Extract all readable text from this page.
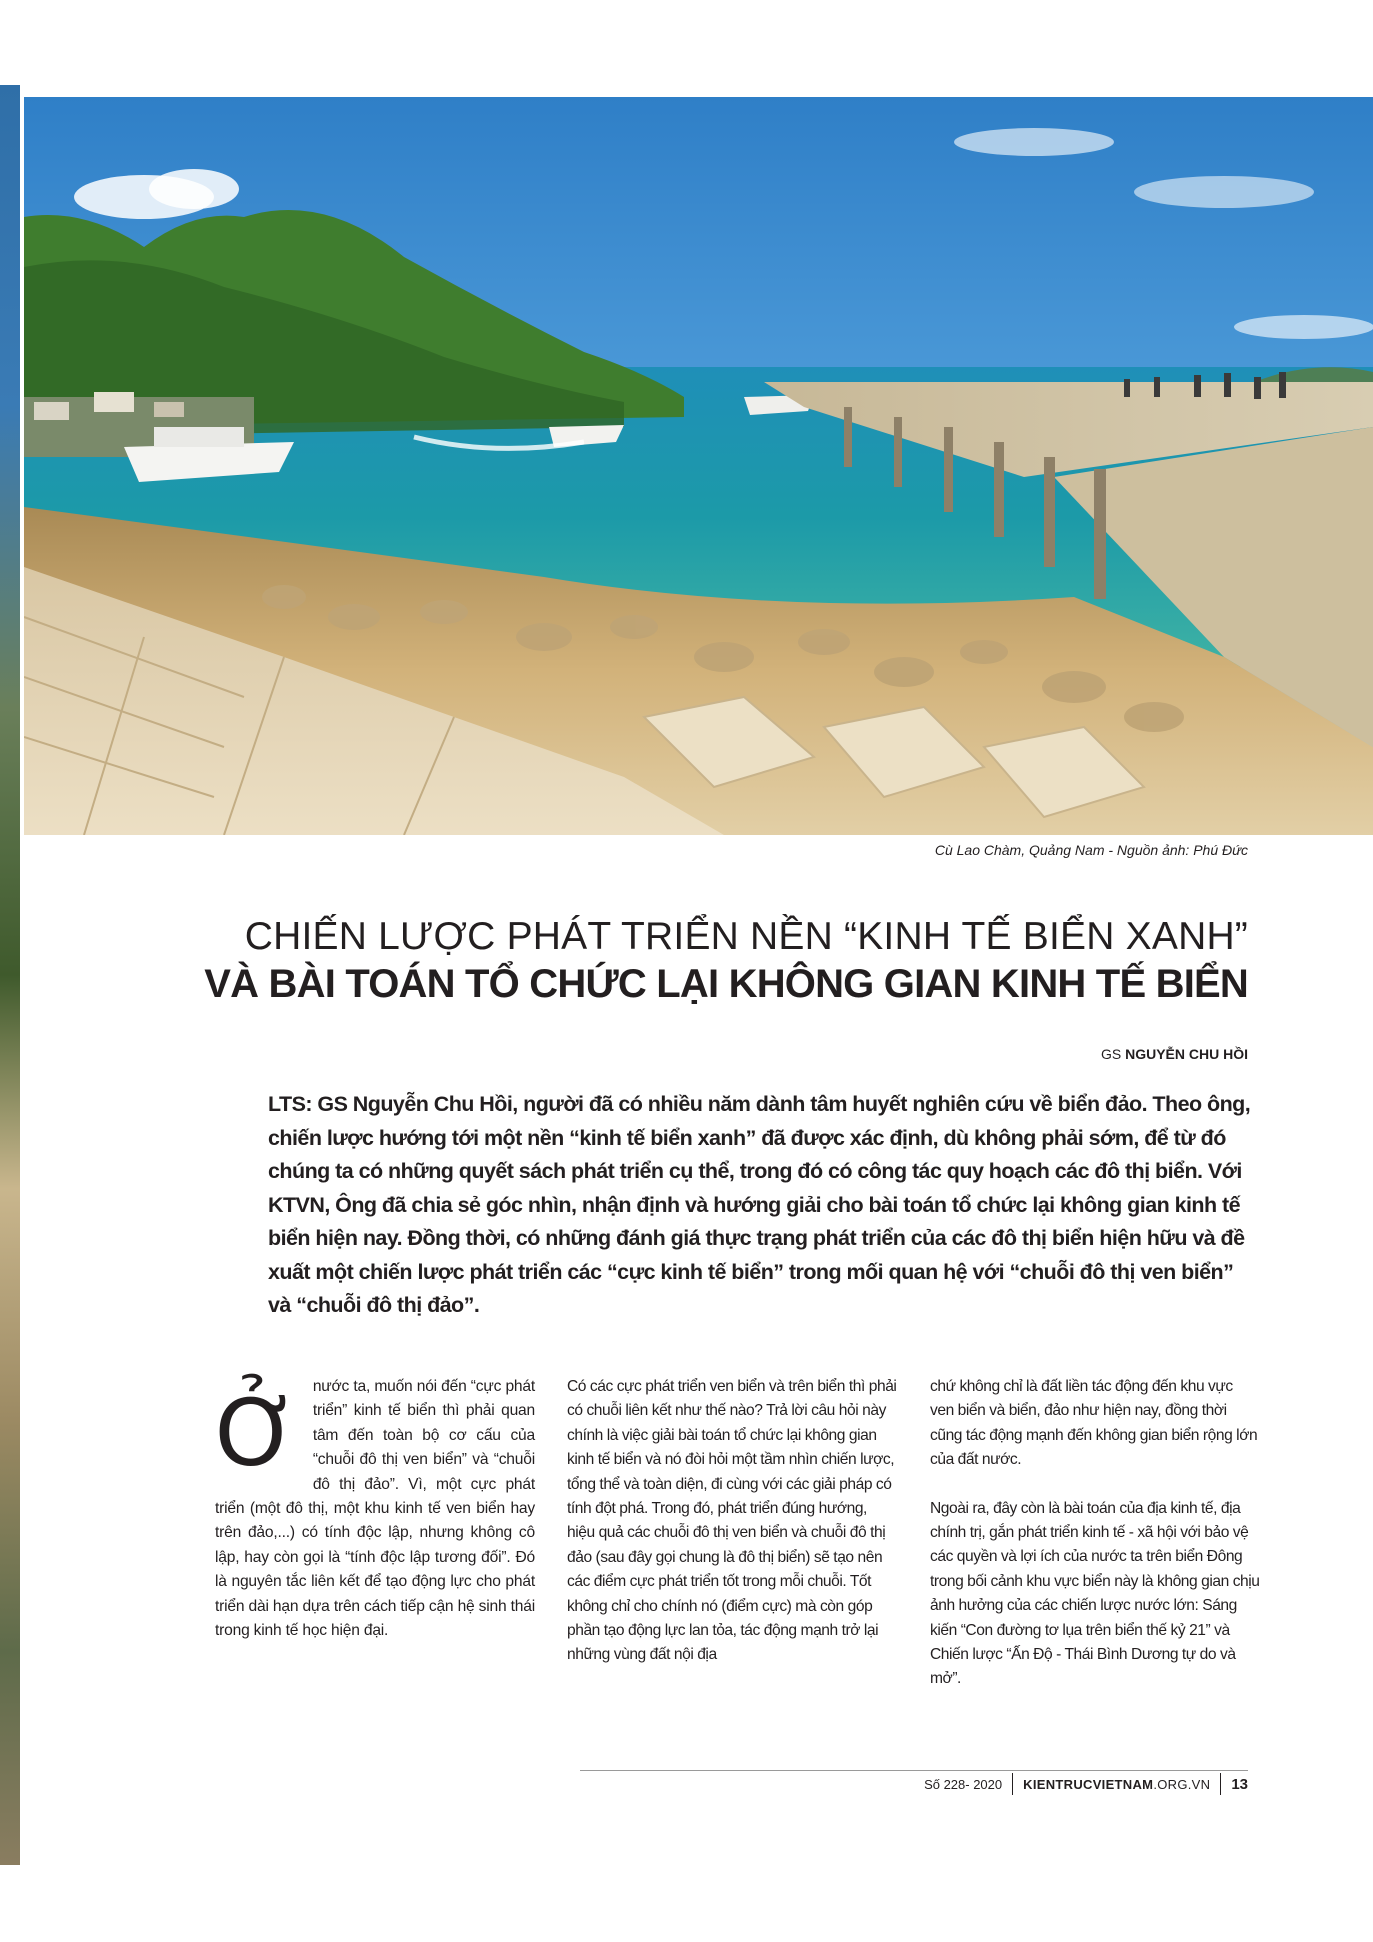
Cù Lao Chàm, Quảng Nam - Nguồn ảnh: Phú Đức
CHIẾN LƯỢC PHÁT TRIỂN NỀN “KINH TẾ BIỂN XANH”
VÀ BÀI TOÁN TỔ CHỨC LẠI KHÔNG GIAN KINH TẾ BIỂN
GS NGUYỄN CHU HỒI

LTS: GS Nguyễn Chu Hồi, người đã có nhiều năm dành tâm huyết nghiên cứu về biển đảo. Theo ông, chiến lược hướng tới một nền “kinh tế biển xanh” đã được xác định, dù không phải sớm, để từ đó chúng ta có những quyết sách phát triển cụ thể, trong đó có công tác quy hoạch các đô thị biển. Với KTVN, Ông đã chia sẻ góc nhìn, nhận định và hướng giải cho bài toán tổ chức lại không gian kinh tế biển hiện nay. Đồng thời, có những đánh giá thực trạng phát triển của các đô thị biển hiện hữu và đề xuất một chiến lược phát triển các “cực kinh tế biển” trong mối quan hệ với “chuỗi đô thị ven biển” và “chuỗi đô thị đảo”.

Ở nước ta, muốn nói đến “cực phát triển” kinh tế biển thì phải quan tâm đến toàn bộ cơ cấu của “chuỗi đô thị ven biển” và “chuỗi đô thị đảo”. Vì, một cực phát triển (một đô thị, một khu kinh tế ven biển hay trên đảo,...) có tính độc lập, nhưng không cô lập, hay còn gọi là “tính độc lập tương đối”. Đó là nguyên tắc liên kết để tạo động lực cho phát triển dài hạn dựa trên cách tiếp cận hệ sinh thái trong kinh tế học hiện đại.

Có các cực phát triển ven biển và trên biển thì phải có chuỗi liên kết như thế nào? Trả lời câu hỏi này chính là việc giải bài toán tổ chức lại không gian kinh tế biển và nó đòi hỏi một tầm nhìn chiến lược, tổng thể và toàn diện, đi cùng với các giải pháp có tính đột phá. Trong đó, phát triển đúng hướng, hiệu quả các chuỗi đô thị ven biển và chuỗi đô thị đảo (sau đây gọi chung là đô thị biển) sẽ tạo nên các điểm cực phát triển tốt trong mỗi chuỗi. Tốt không chỉ cho chính nó (điểm cực) mà còn góp phần tạo động lực lan tỏa, tác động mạnh trở lại những vùng đất nội địa

chứ không chỉ là đất liền tác động đến khu vực ven biển và biển, đảo như hiện nay, đồng thời cũng tác động mạnh đến không gian biển rộng lớn của đất nước.

Ngoài ra, đây còn là bài toán của địa kinh tế, địa chính trị, gắn phát triển kinh tế - xã hội với bảo vệ các quyền và lợi ích của nước ta trên biển Đông trong bối cảnh khu vực biển này là không gian chịu ảnh hưởng của các chiến lược nước lớn: Sáng kiến “Con đường tơ lụa trên biển thế kỷ 21” và Chiến lược “Ấn Độ - Thái Bình Dương tự do và mở”.

Số 228- 2020 KIENTRUCVIETNAM.ORG.VN 13
